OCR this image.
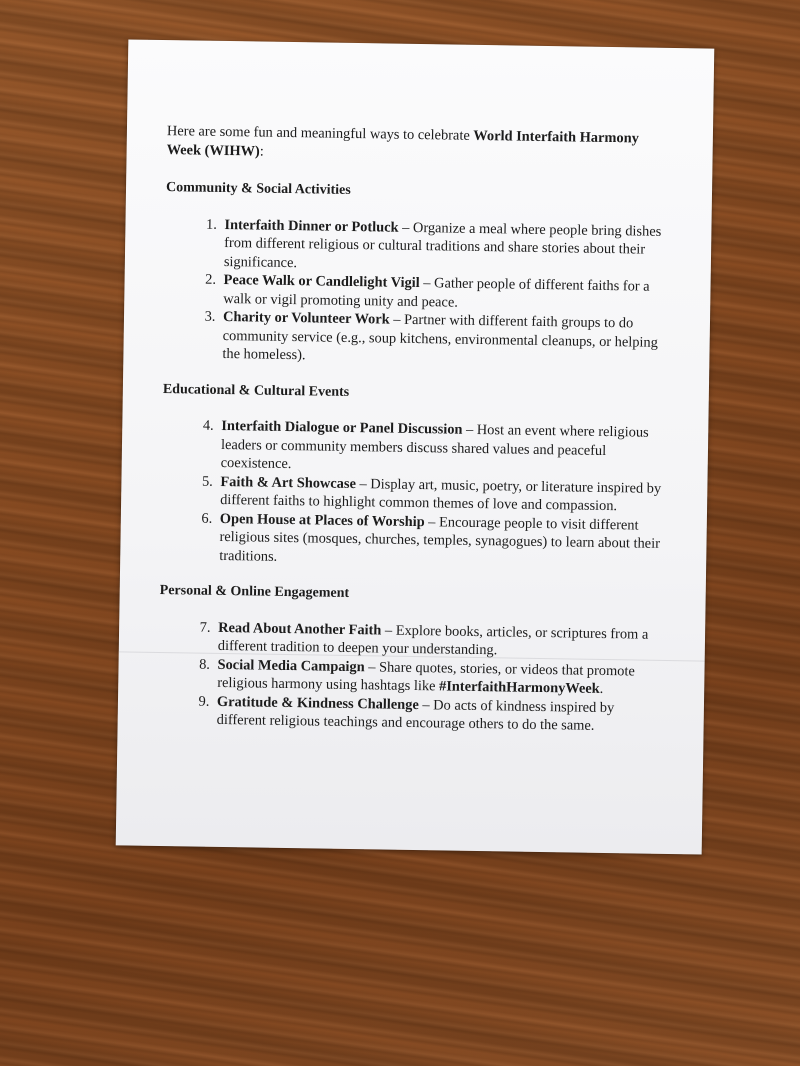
Here are some fun and meaningful ways to celebrate World Interfaith Harmony Week (WIHW):

Community & Social Activities
1. Interfaith Dinner or Potluck – Organize a meal where people bring dishes from different religious or cultural traditions and share stories about their significance.
2. Peace Walk or Candlelight Vigil – Gather people of different faiths for a walk or vigil promoting unity and peace.
3. Charity or Volunteer Work – Partner with different faith groups to do community service (e.g., soup kitchens, environmental cleanups, or helping the homeless).
Educational & Cultural Events
4. Interfaith Dialogue or Panel Discussion – Host an event where religious leaders or community members discuss shared values and peaceful coexistence.
5. Faith & Art Showcase – Display art, music, poetry, or literature inspired by different faiths to highlight common themes of love and compassion.
6. Open House at Places of Worship – Encourage people to visit different religious sites (mosques, churches, temples, synagogues) to learn about their traditions.
Personal & Online Engagement
7. Read About Another Faith – Explore books, articles, or scriptures from a different tradition to deepen your understanding.
8. Social Media Campaign – Share quotes, stories, or videos that promote religious harmony using hashtags like #InterfaithHarmonyWeek.
9. Gratitude & Kindness Challenge – Do acts of kindness inspired by different religious teachings and encourage others to do the same.
